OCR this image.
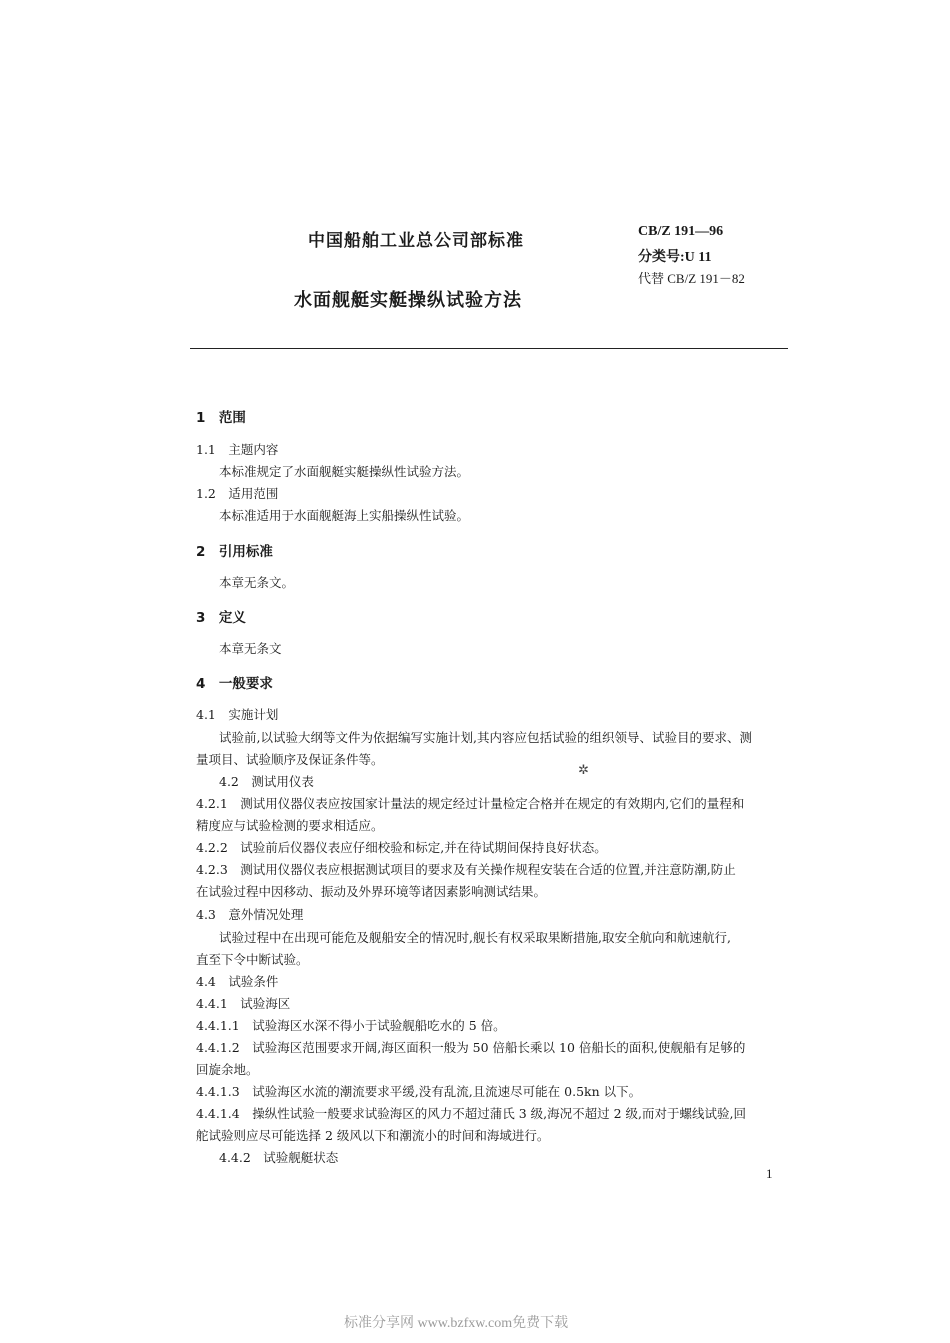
中国船舶工业总公司部标准
水面舰艇实艇操纵试验方法
CB/Z 191—96
分类号:U 11
代替 CB/Z 191－82
1　范围
1.1　主题内容
本标准规定了水面舰艇实艇操纵性试验方法。
1.2　适用范围
本标准适用于水面舰艇海上实船操纵性试验。
2　引用标准
本章无条文。
3　定义
本章无条文
4　一般要求
4.1　实施计划
试验前,以试验大纲等文件为依据编写实施计划,其内容应包括试验的组织领导、试验目的要求、测
量项目、试验顺序及保证条件等。
4.2　测试用仪表
✲
4.2.1　测试用仪器仪表应按国家计量法的规定经过计量检定合格并在规定的有效期内,它们的量程和
精度应与试验检测的要求相适应。
4.2.2　试验前后仪器仪表应仔细校验和标定,并在待试期间保持良好状态。
4.2.3　测试用仪器仪表应根据测试项目的要求及有关操作规程安装在合适的位置,并注意防潮,防止
在试验过程中因移动、振动及外界环境等诸因素影响测试结果。
4.3　意外情况处理
试验过程中在出现可能危及舰船安全的情况时,舰长有权采取果断措施,取安全航向和航速航行,
直至下令中断试验。
4.4　试验条件
4.4.1　试验海区
4.4.1.1　试验海区水深不得小于试验舰船吃水的 5 倍。
4.4.1.2　试验海区范围要求开阔,海区面积一般为 50 倍船长乘以 10 倍船长的面积,使舰船有足够的
回旋余地。
4.4.1.3　试验海区水流的潮流要求平缓,没有乱流,且流速尽可能在 0.5kn 以下。
4.4.1.4　操纵性试验一般要求试验海区的风力不超过蒲氏 3 级,海况不超过 2 级,而对于螺线试验,回
舵试验则应尽可能选择 2 级风以下和潮流小的时间和海域进行。
4.4.2　试验舰艇状态
1
标准分享网 www.bzfxw.com免费下载
